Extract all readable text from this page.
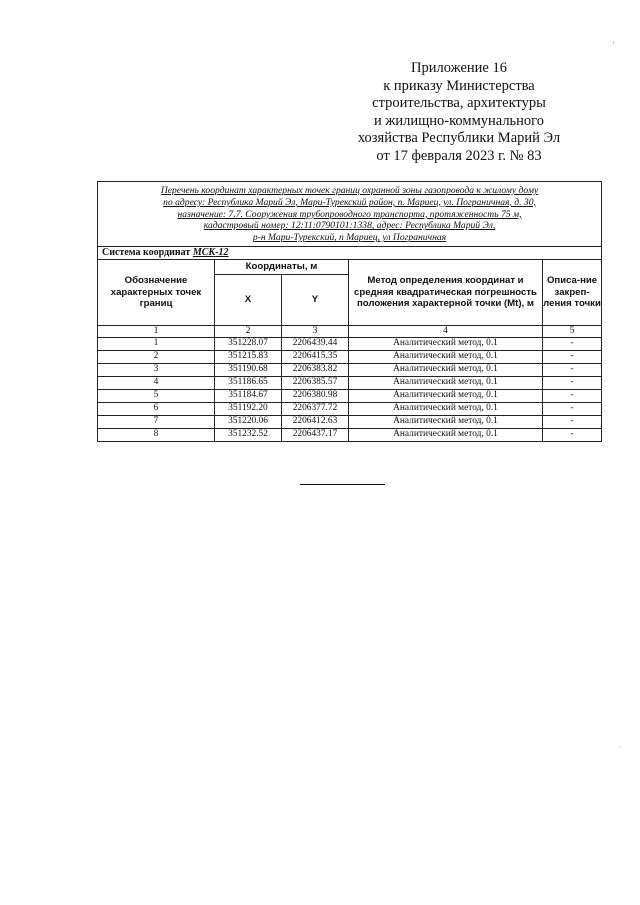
Приложение 16
к приказу Министерства
строительства, архитектуры
и жилищно-коммунального
хозяйства Республики Марий Эл
от 17 февраля 2023 г. № 83
Перечень координат характерных точек границ охранной зоны газопровода к жилому дому
по адресу: Республика Марий Эл, Мари-Турекский район, п. Мариец, ул. Пограничная, д. 30,
назначение: 7.7. Сооружения трубопроводного транспорта, протяженность 75 м,
кадастровый номер: 12:11:0790101:1338, адрес: Республика Марий Эл,
р-н Мари-Турекский, п Мариец, ул Пограничная				

Система координат МСК-12				
Обозначение характерных точек границ	Координаты, м		Метод определения координат и средняя квадратическая погрешность положения характерной точки (Mt), м	Описа-ние закреп-ления точки
	X	Y		
1	2	3	4	5
1	351228.07	2206439.44	Аналитический метод, 0.1	-
2	351215.83	2206415.35	Аналитический метод, 0.1	-
3	351190.68	2206383.82	Аналитический метод, 0.1	-
4	351186.65	2206385.57	Аналитический метод, 0.1	-
5	351184.67	2206380.98	Аналитический метод, 0.1	-
6	351192.20	2206377.72	Аналитический метод, 0.1	-
7	351220.06	2206412.63	Аналитический метод, 0.1	-
8	351232.52	2206437.17	Аналитический метод, 0.1	-
ʼ
ˌ
